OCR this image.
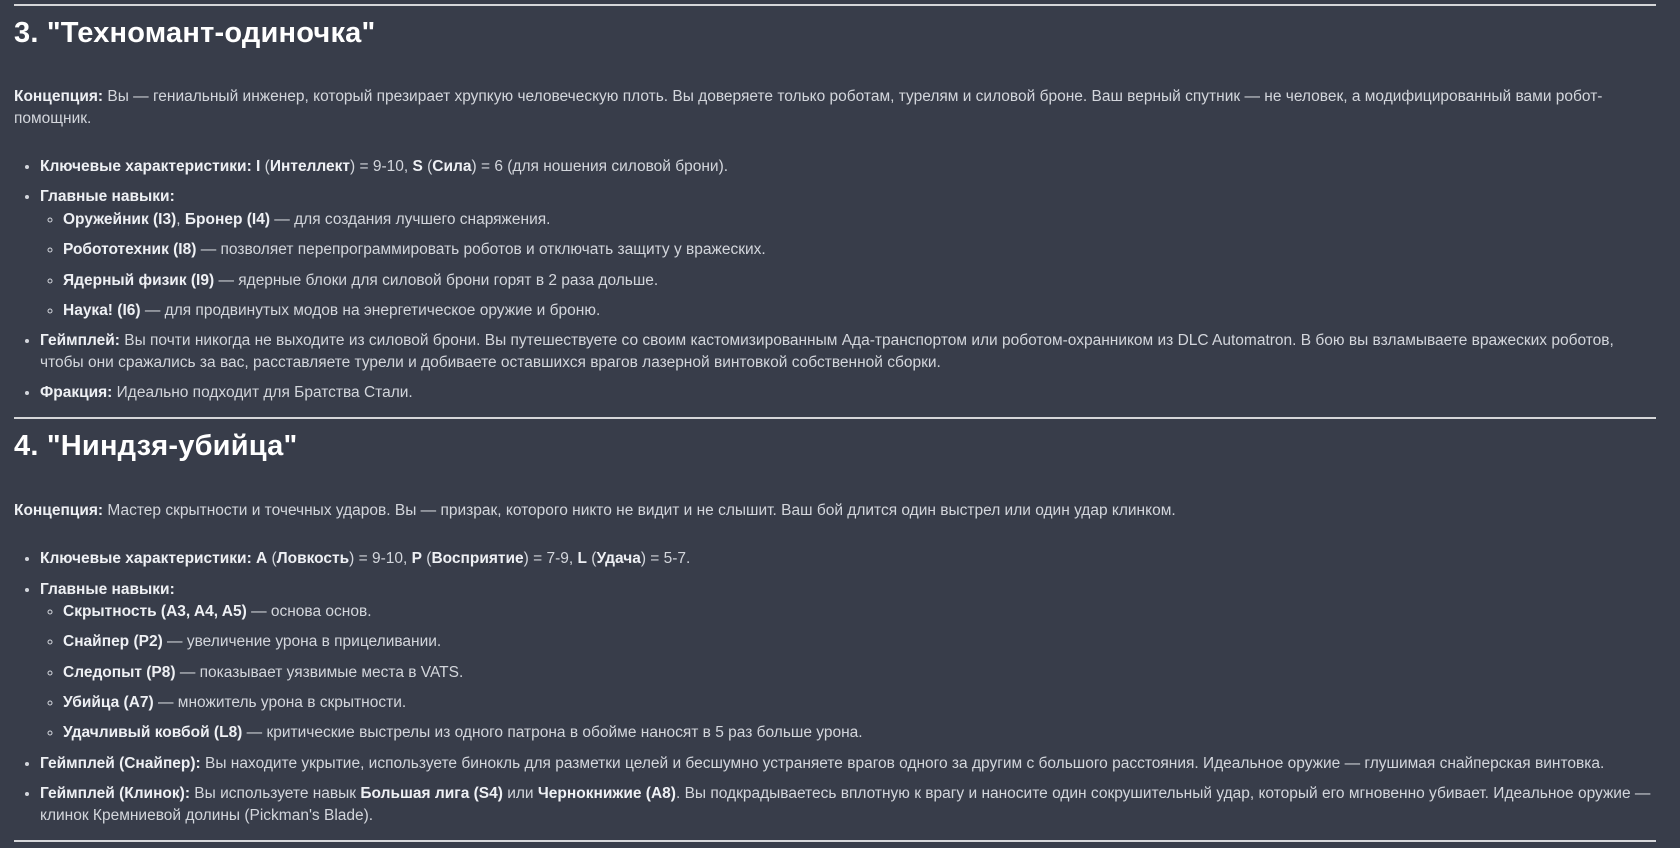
3. "Техномант-одиночка"

Концепция: Вы — гениальный инженер, который презирает хрупкую человеческую плоть. Вы доверяете только роботам, турелям и силовой броне. Ваш верный спутник — не человек, а модифицированный вами робот-помощник.

• Ключевые характеристики: I (Интеллект) = 9-10, S (Сила) = 6 (для ношения силовой брони).
• Главные навыки:
◦ Оружейник (I3), Бронер (I4) — для создания лучшего снаряжения.
◦ Робототехник (I8) — позволяет перепрограммировать роботов и отключать защиту у вражеских.
◦ Ядерный физик (I9) — ядерные блоки для силовой брони горят в 2 раза дольше.
◦ Наука! (I6) — для продвинутых модов на энергетическое оружие и броню.
• Геймплей: Вы почти никогда не выходите из силовой брони. Вы путешествуете со своим кастомизированным Ада-транспортом или роботом-охранником из DLC Automatron. В бою вы взламываете вражеских роботов, чтобы они сражались за вас, расставляете турели и добиваете оставшихся врагов лазерной винтовкой собственной сборки.
• Фракция: Идеально подходит для Братства Стали.
4. "Ниндзя-убийца"

Концепция: Мастер скрытности и точечных ударов. Вы — призрак, которого никто не видит и не слышит. Ваш бой длится один выстрел или один удар клинком.

• Ключевые характеристики: A (Ловкость) = 9-10, P (Восприятие) = 7-9, L (Удача) = 5-7.
• Главные навыки:
◦ Скрытность (A3, A4, A5) — основа основ.
◦ Снайпер (P2) — увеличение урона в прицеливании.
◦ Следопыт (P8) — показывает уязвимые места в VATS.
◦ Убийца (A7) — множитель урона в скрытности.
◦ Удачливый ковбой (L8) — критические выстрелы из одного патрона в обойме наносят в 5 раз больше урона.
• Геймплей (Снайпер): Вы находите укрытие, используете бинокль для разметки целей и бесшумно устраняете врагов одного за другим с большого расстояния. Идеальное оружие — глушимая снайперская винтовка.
• Геймплей (Клинок): Вы используете навык Большая лига (S4) или Чернокнижие (A8). Вы подкрадываетесь вплотную к врагу и наносите один сокрушительный удар, который его мгновенно убивает. Идеальное оружие — клинок Кремниевой долины (Pickman's Blade).
